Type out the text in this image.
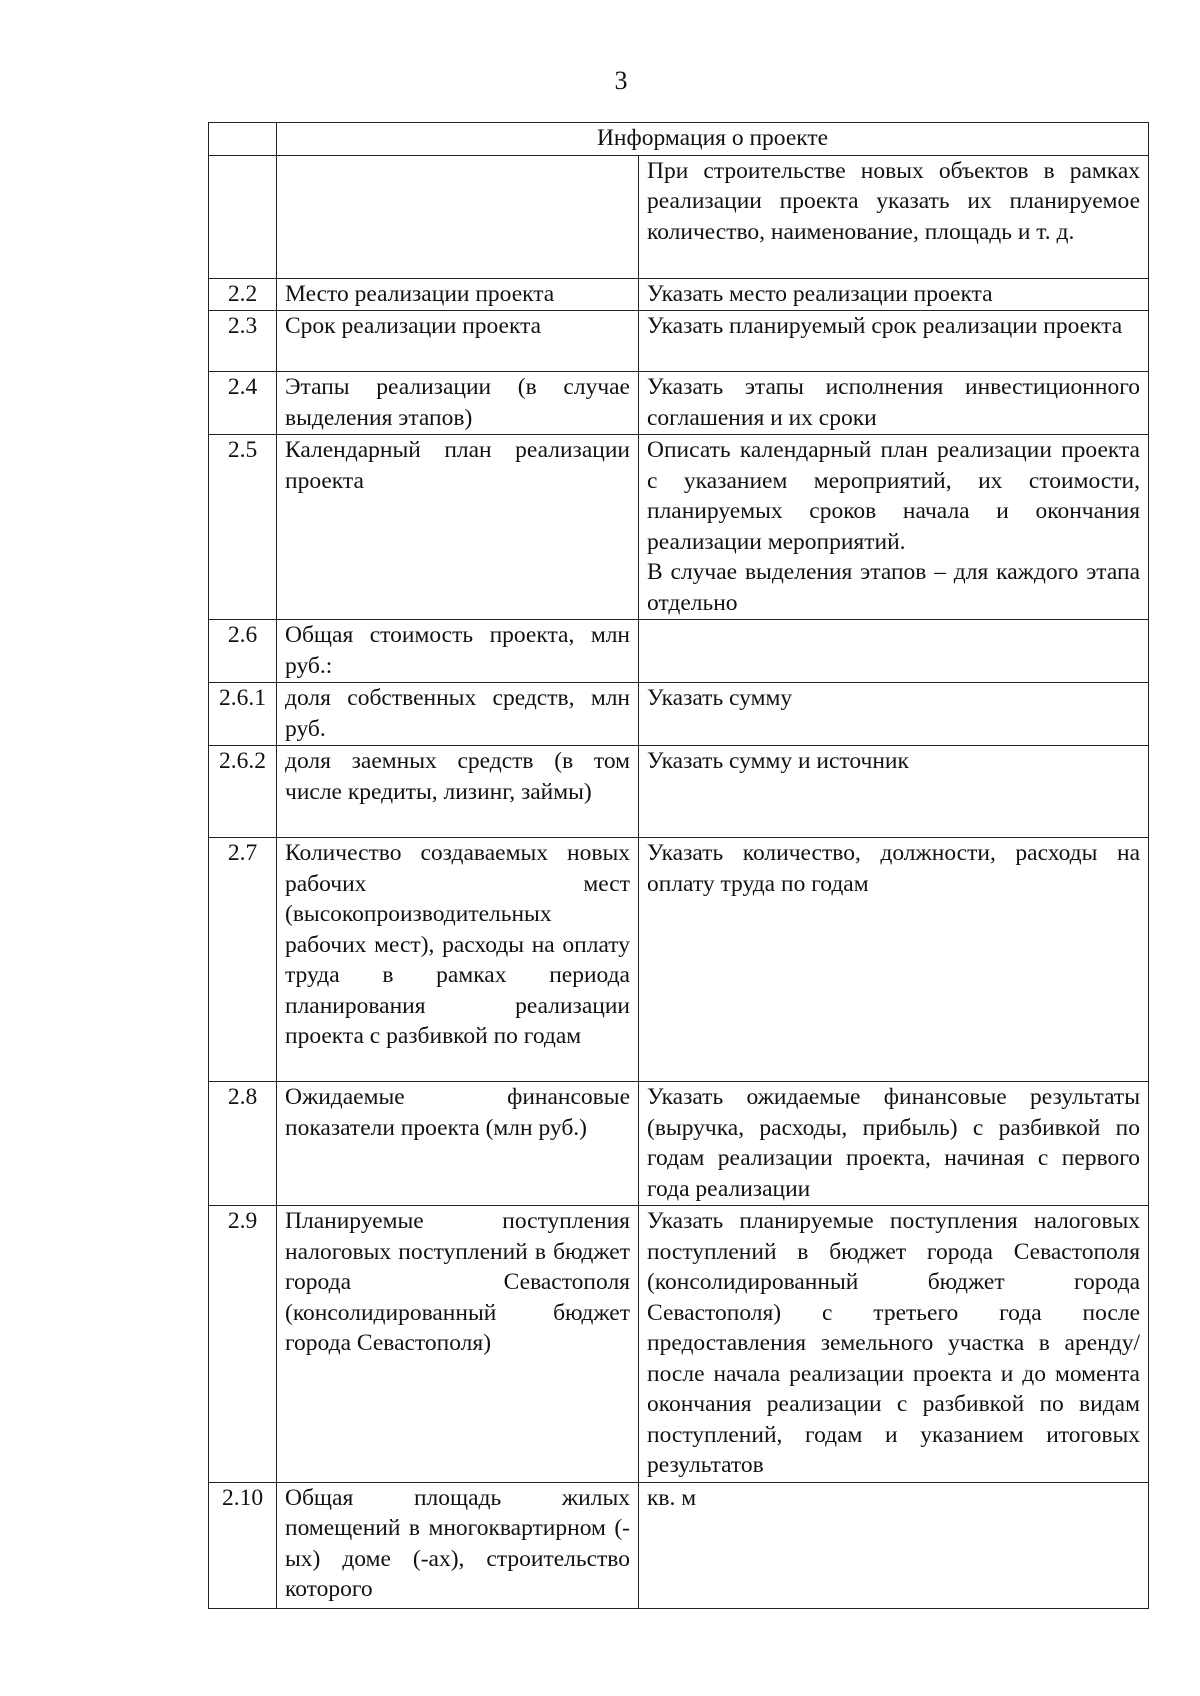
3
	Информация о проекте	
		При строительстве новых объектов в рамках реализации проекта указать их планируемое количество, наименование, площадь и т. д.
2.2	Место реализации проекта	Указать место реализации проекта
2.3	Срок реализации проекта	Указать планируемый срок реализации проекта
2.4	Этапы реализации (в случае выделения этапов)	Указать этапы исполнения инвестиционного соглашения и их сроки
2.5	Календарный план реализации проекта	Описать календарный план реализации проекта с указанием мероприятий, их стоимости, планируемых сроков начала и окончания реализации мероприятий.
В случае выделения этапов – для каждого этапа отдельно

2.6	Общая стоимость проекта, млн руб.:	
2.6.1	доля собственных средств, млн руб.	Указать сумму
2.6.2	доля заемных средств (в том числе кредиты, лизинг, займы)	Указать сумму и источник
2.7	Количество создаваемых новых рабочих мест (высокопроизводительных рабочих мест), расходы на оплату труда в рамках периода планирования реализации проекта с разбивкой по годам	Указать количество, должности, расходы на оплату труда по годам
2.8	Ожидаемые финансовые показатели проекта (млн руб.)	Указать ожидаемые финансовые результаты (выручка, расходы, прибыль) с разбивкой по годам реализации проекта, начиная с первого года реализации
2.9	Планируемые поступления налоговых поступлений в бюджет города Севастополя (консолидированный бюджет города Севастополя)	Указать планируемые поступления налоговых поступлений в бюджет города Севастополя (консолидированный бюджет города Севастополя) с третьего года после предоставления земельного участка в аренду/после начала реализации проекта и до момента окончания реализации с разбивкой по видам поступлений, годам и указанием итоговых результатов
2.10	Общая площадь жилых помещений в многоквартирном (-ых) доме (-ах), строительство которого	кв. м
